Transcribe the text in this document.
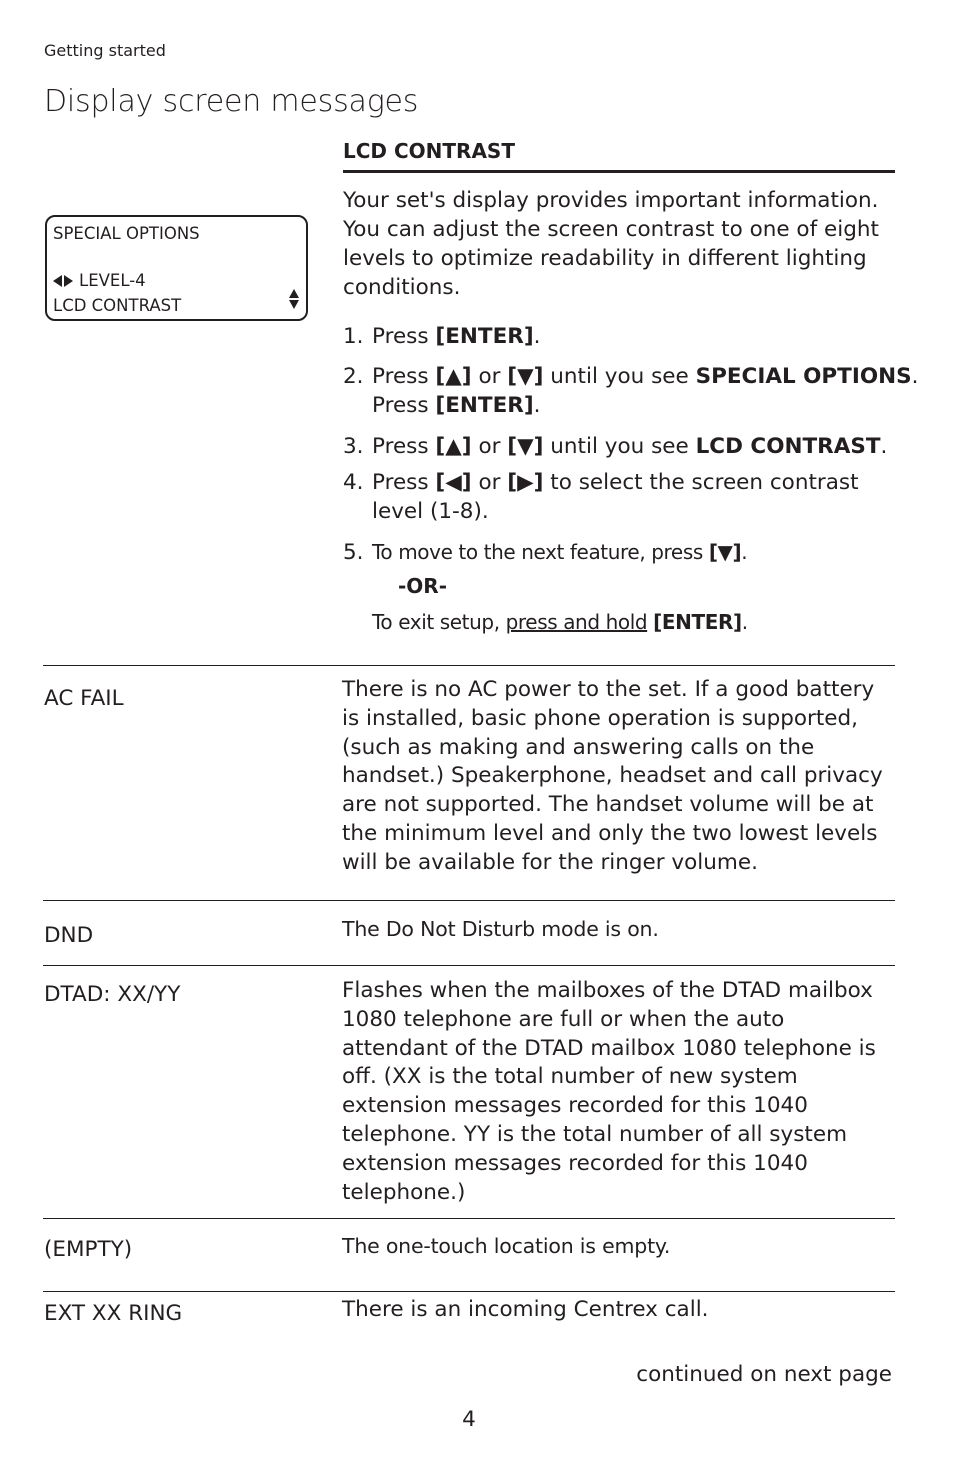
Getting started
Display screen messages
LCD CONTRAST
SPECIAL OPTIONS
LEVEL-4
LCD CONTRAST
Your set's display provides important information. You can adjust the screen contrast to one of eight levels to optimize readability in different lighting conditions.
1. Press [ENTER].
2. Press [▲] or [▼] until you see SPECIAL OPTIONS.
Press [ENTER].
3. Press [▲] or [▼] until you see LCD CONTRAST.
4. Press [◀] or [▶] to select the screen contrast
level (1-8).
5. To move to the next feature, press [▼].
-OR-
To exit setup, press and hold [ENTER].
AC FAIL	There is no AC power to the set. If a good battery is installed, basic phone operation is supported, (such as making and answering calls on the handset.) Speakerphone, headset and call privacy are not supported. The handset volume will be at the minimum level and only the two lowest levels will be available for the ringer volume.
DND	The Do Not Disturb mode is on.
DTAD: XX/YY	Flashes when the mailboxes of the DTAD mailbox 1080 telephone are full or when the auto attendant of the DTAD mailbox 1080 telephone is off. (XX is the total number of new system extension messages recorded for this 1040 telephone. YY is the total number of all system extension messages recorded for this 1040 telephone.)
(EMPTY)	The one-touch location is empty.
EXT XX RING	There is an incoming Centrex call.
continued on next page
4
